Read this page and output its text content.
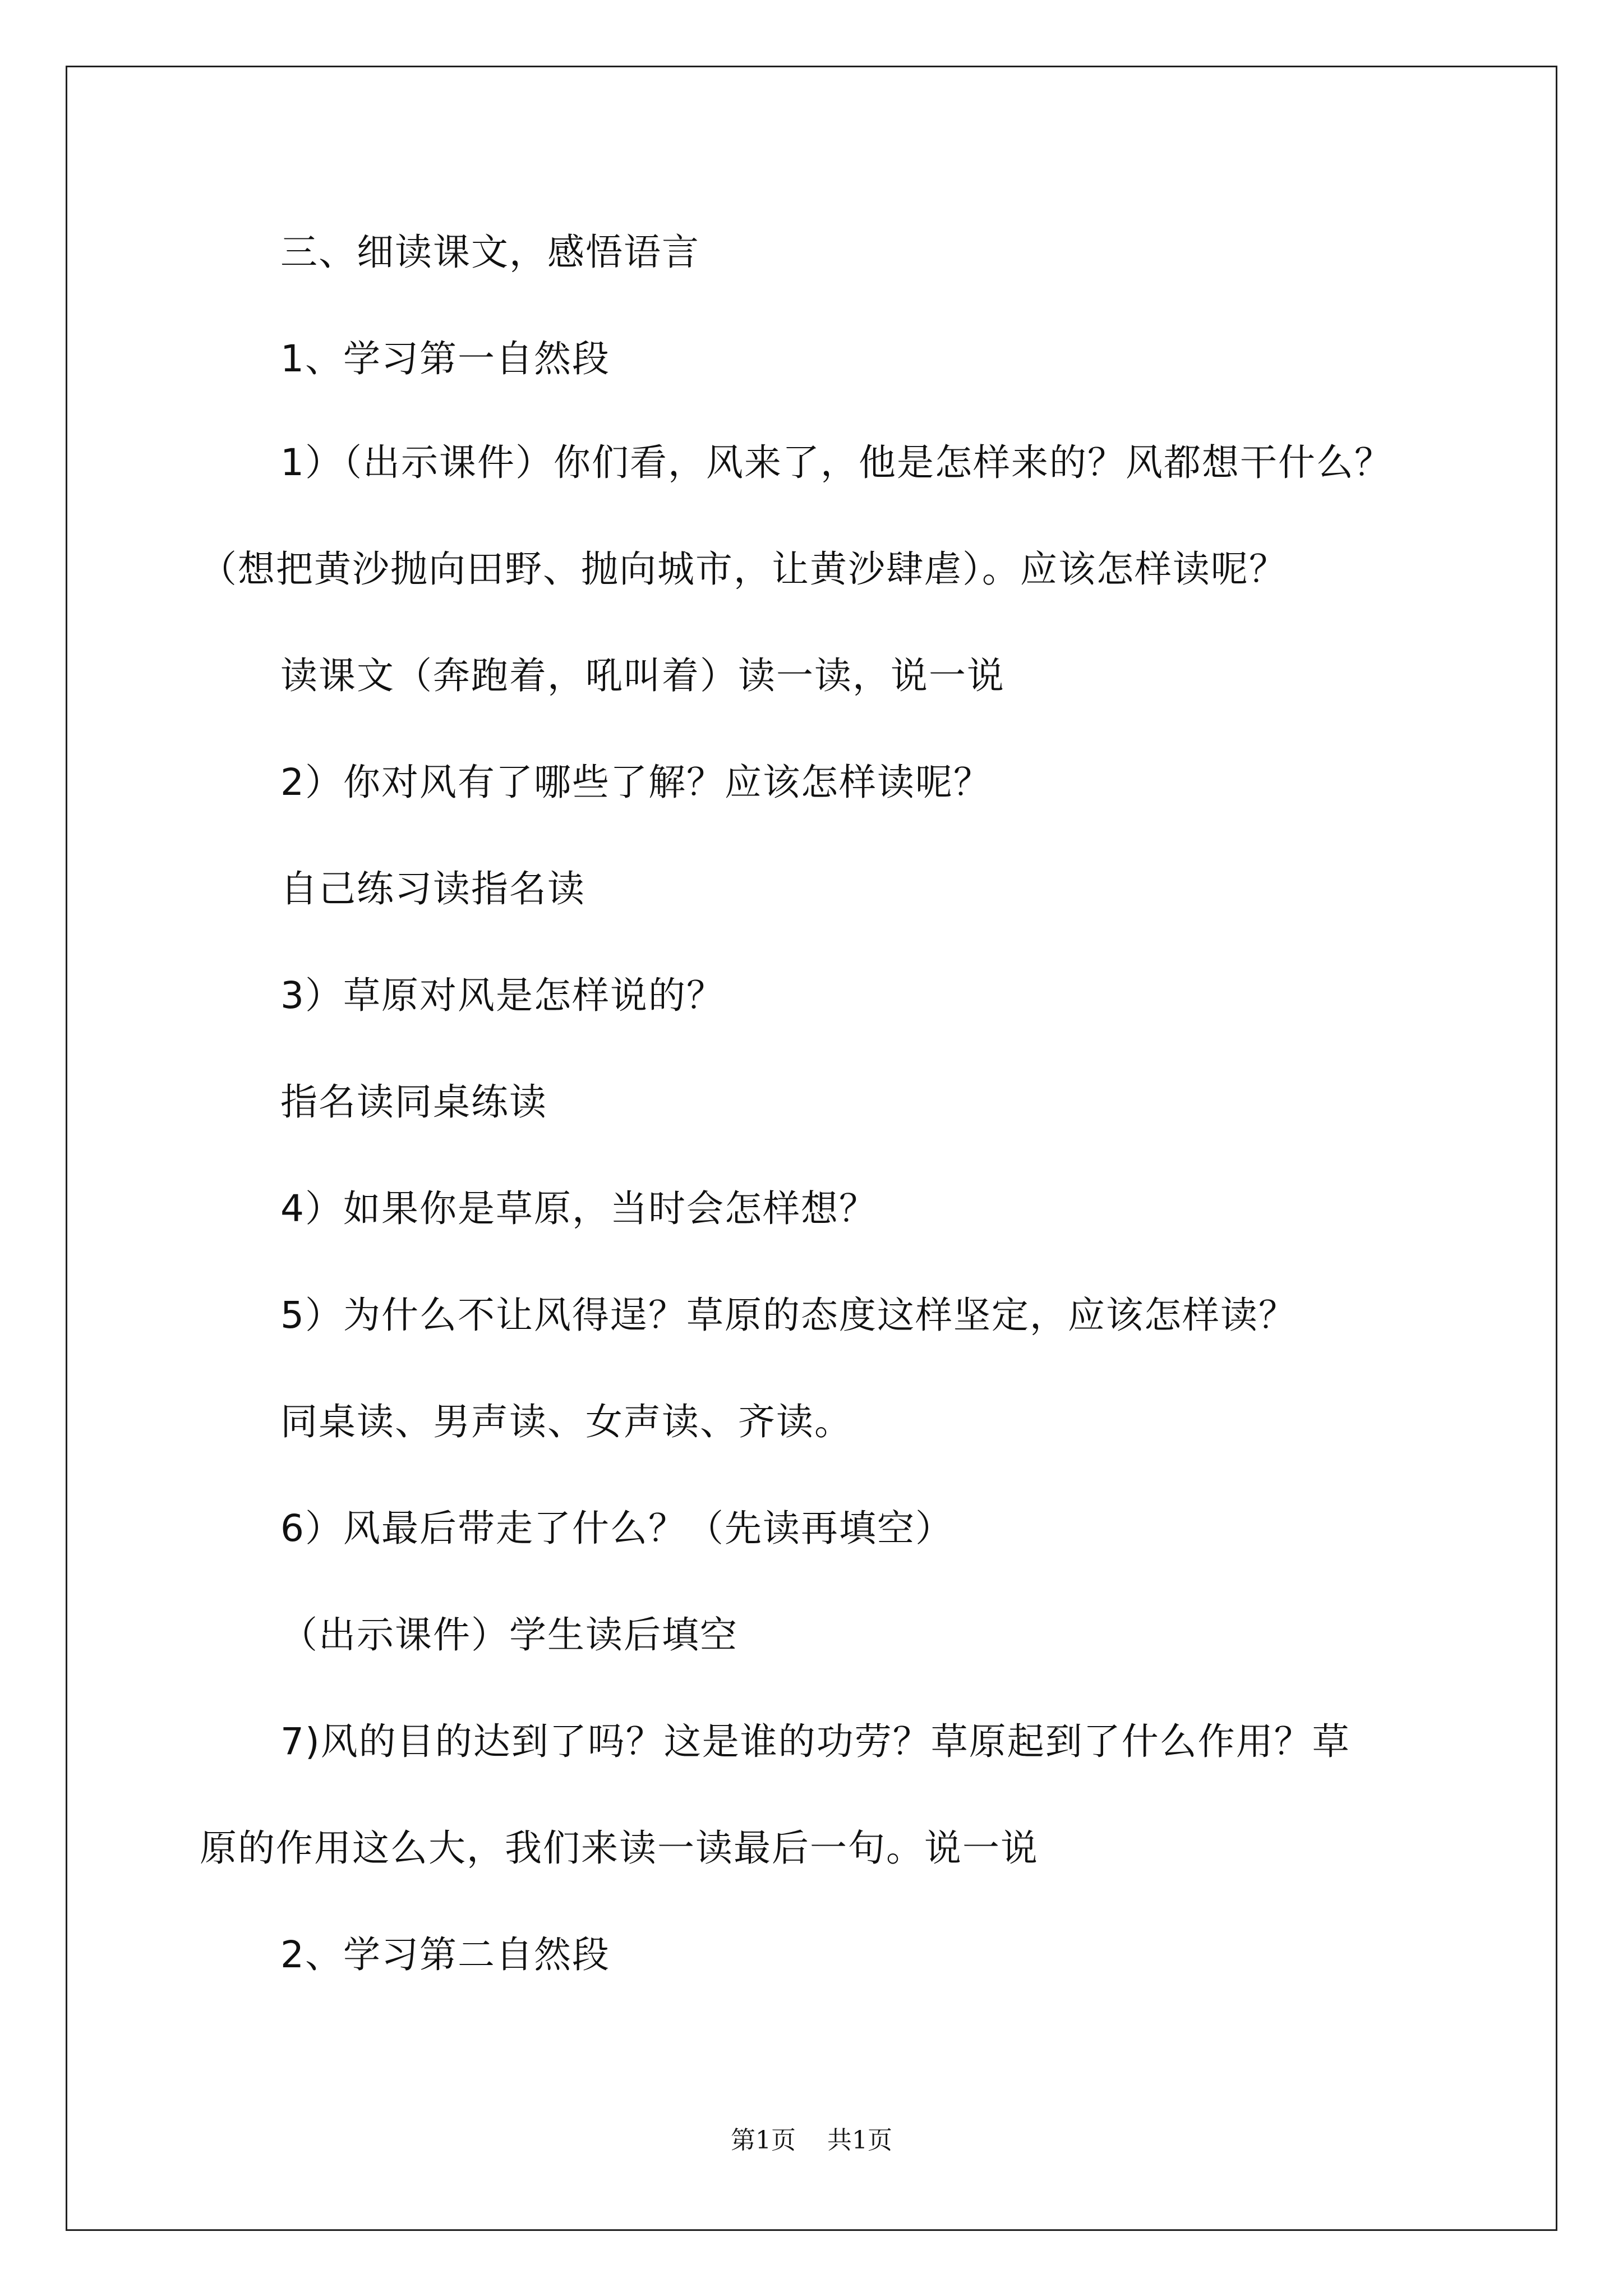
三、细读课文，感悟语言
1、学习第一自然段
1）（出示课件）你们看，风来了，他是怎样来的？风都想干什么？
（想把黄沙抛向田野、抛向城市，让黄沙肆虐）。应该怎样读呢？
读课文（奔跑着，吼叫着）读一读，说一说
2）你对风有了哪些了解？应该怎样读呢？
自己练习读指名读
3）草原对风是怎样说的？
指名读同桌练读
4）如果你是草原，当时会怎样想？
5）为什么不让风得逞？草原的态度这样坚定，应该怎样读？
同桌读、男声读、女声读、齐读。
6）风最后带走了什么？（先读再填空）
（出示课件）学生读后填空
7)风的目的达到了吗？这是谁的功劳？草原起到了什么作用？草
原的作用这么大，我们来读一读最后一句。说一说
2、学习第二自然段
第1页 共1页
